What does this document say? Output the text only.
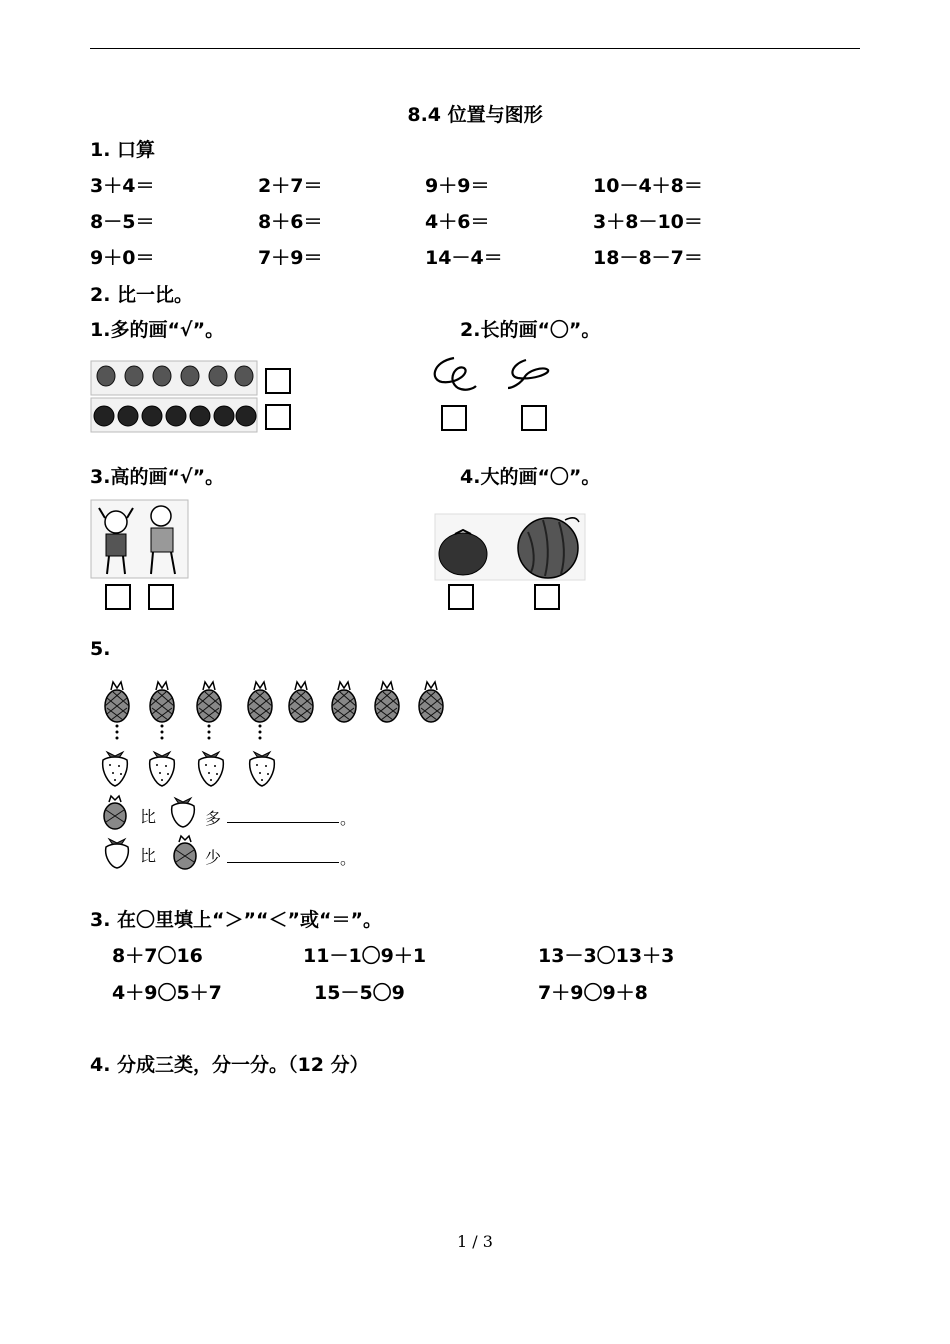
8.4 位置与图形
1. 口算
3＋4＝	2＋7＝	9＋9＝	10－4＋8＝
8－5＝	8＋6＝	4＋6＝	3＋8－10＝
9＋0＝	7＋9＝	14－4＝	18－8－7＝
2. 比一比。
1.多的画“√”。	2.长的画“〇”。
3.高的画“√”。	4.大的画“〇”。
5.
比	多	。
比	少	。
3. 在〇里填上“＞”“＜”或“＝”。
8＋7〇16	11－1〇9＋1	13－3〇13＋3
4＋9〇5＋7	15－5〇9	7＋9〇9＋8
4. 分成三类，分一分。（12 分）
1 / 3
